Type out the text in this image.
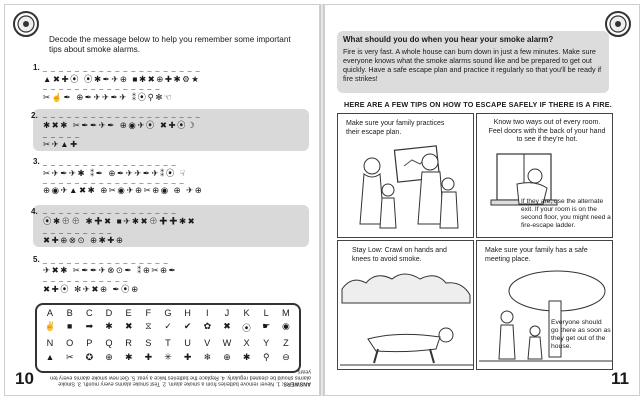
Decode the message below to help you remember some important tips about smoke alarms.
1. _ _ _ _ _ _ _ _ _ _ _ _ _ _ _ _ _ _ _ _
▲✖✚⦿ ⦿✱✒✈⊕ ■✱✖⊕✚✱⚙★
_ _ _ _ _ _ _ _ _ _ _ _ _ _ _
✂☝✒ ⊕✒✈✈✒✈ ⁑⦿⚲✻☜
2. _ _ _ _ _ _ _ _ _ _ _ _ _ _ _ _ _ _ _ _
✱✖✱ ✂✒✒✈✒ ⊕◉✈⦿ ✖✚⦿☽
_ _ _ _ _
✂✈▲✚
3. _ _ _ _ _ _ _ _ _ _ _ _ _ _ _ _ _
✂✈✒✈✱ ⁑✒ ⊕✒✈✈✒✈⁑⦿ ☟
_ _ _ _ _ _ _ _ _ _ _ _ _ _ _ _ _ _
⊕◉✈▲✖✱ ⊕✂◉✈⊕✂⊕◉ ⊕ ✈⊕
4. _ _ _ _ _ _ _ _ _ _ _ _ _ _ _ _ _
⦿✱⊕⊕ ✱✚✖ ■✈✱✖⊕✚✚✱✖
_ _ _ _ _ _ _ _ _
✖✚⊕⊗⊙ ⊕✱✚⊕
5. _ _ _ _ _ _ _ _ _ _ _ _ _ _ _ _
✈✖✱ ✂✒✒✈⊗⊙✒ ⁑⊕✂⊕✒
_ _ _ _ _ _ _ _ _ _ _
✖✚⦿ ✻✈✖⊕ ✒⦿⊕
A	B	C	D	E	F	G	H	I	J	K	L	M
✌	■	➡	✱	✖	⧖	✓	✔	✿	✖	⦿	☛	◉
N	O	P	Q	R	S	T	U	V	W	X	Y	Z
▲	✂	✪	⊕	✱	✚	✳	✚	❄	⊕	✱	⚲	⊖
ANSWERS: 1. Never remove batteries from a smoke alarm. 2. Test smoke alarms every month. 3. Smoke alarms should be cleaned regularly. 4. Replace the batteries twice a year. 5. Get new smoke alarms every ten years.
10
What should you do when you hear your smoke alarm?
Fire is very fast. A whole house can burn down in just a few minutes. Make sure everyone knows what the smoke alarms sound like and be prepared to get out quickly. Have a safe escape plan and practice it regularly so that you'll be ready if fire strikes!
HERE ARE A FEW TIPS ON HOW TO ESCAPE SAFELY IF THERE IS A FIRE.
Make sure your family practices their escape plan.
Know two ways out of every room. Feel doors with the back of your hand to see if they're hot.
If they are, use the alternate exit. If your room is on the second floor, you might need a fire-escape ladder.
Stay Low: Crawl on hands and knees to avoid smoke.
Make sure your family has a safe meeting place.
Everyone should go there as soon as they get out of the house.
11
